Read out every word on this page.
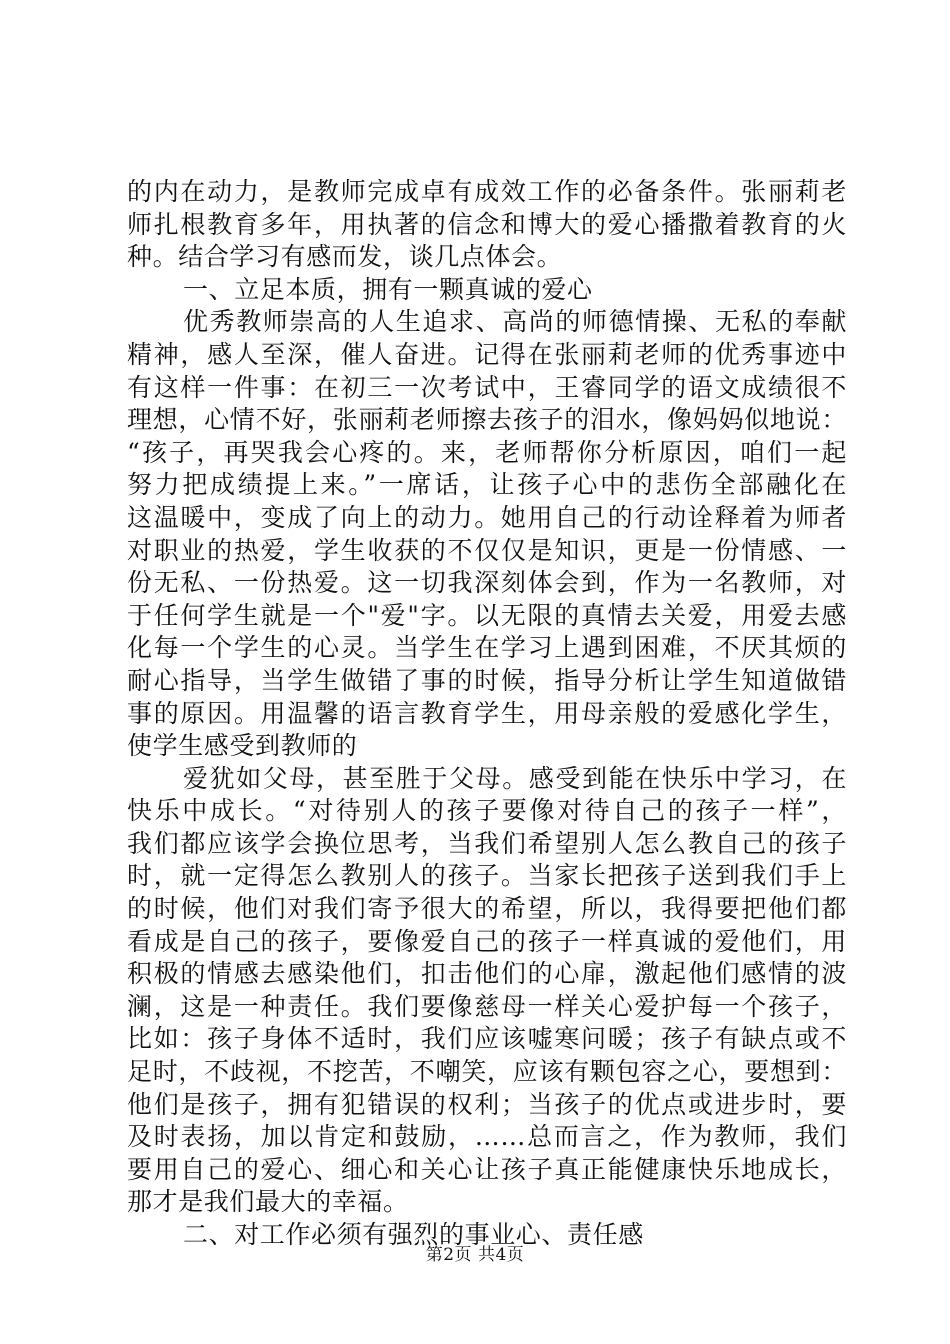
的内在动力，是教师完成卓有成效工作的必备条件。张丽莉老
师扎根教育多年，用执著的信念和博大的爱心播撒着教育的火
种。结合学习有感而发，谈几点体会。
一、立足本质，拥有一颗真诚的爱心
优秀教师崇高的人生追求、高尚的师德情操、无私的奉献
精神，感人至深，催人奋进。记得在张丽莉老师的优秀事迹中
有这样一件事：在初三一次考试中，王睿同学的语文成绩很不
理想，心情不好，张丽莉老师擦去孩子的泪水，像妈妈似地说：
“孩子，再哭我会心疼的。来，老师帮你分析原因，咱们一起
努力把成绩提上来。”一席话，让孩子心中的悲伤全部融化在
这温暖中，变成了向上的动力。她用自己的行动诠释着为师者
对职业的热爱，学生收获的不仅仅是知识，更是一份情感、一
份无私、一份热爱。这一切我深刻体会到，作为一名教师，对
于任何学生就是一个"爱"字。以无限的真情去关爱，用爱去感
化每一个学生的心灵。当学生在学习上遇到困难，不厌其烦的
耐心指导，当学生做错了事的时候，指导分析让学生知道做错
事的原因。用温馨的语言教育学生，用母亲般的爱感化学生，
使学生感受到教师的
爱犹如父母，甚至胜于父母。感受到能在快乐中学习，在
快乐中成长。“对待别人的孩子要像对待自己的孩子一样”，
我们都应该学会换位思考，当我们希望别人怎么教自己的孩子
时，就一定得怎么教别人的孩子。当家长把孩子送到我们手上
的时候，他们对我们寄予很大的希望，所以，我得要把他们都
看成是自己的孩子，要像爱自己的孩子一样真诚的爱他们，用
积极的情感去感染他们，扣击他们的心扉，激起他们感情的波
澜，这是一种责任。我们要像慈母一样关心爱护每一个孩子，
比如：孩子身体不适时，我们应该嘘寒问暖；孩子有缺点或不
足时，不歧视，不挖苦，不嘲笑，应该有颗包容之心，要想到：
他们是孩子，拥有犯错误的权利；当孩子的优点或进步时，要
及时表扬，加以肯定和鼓励，……总而言之，作为教师，我们
要用自己的爱心、细心和关心让孩子真正能健康快乐地成长，
那才是我们最大的幸福。
二、对工作必须有强烈的事业心、责任感
第2页 共4页
